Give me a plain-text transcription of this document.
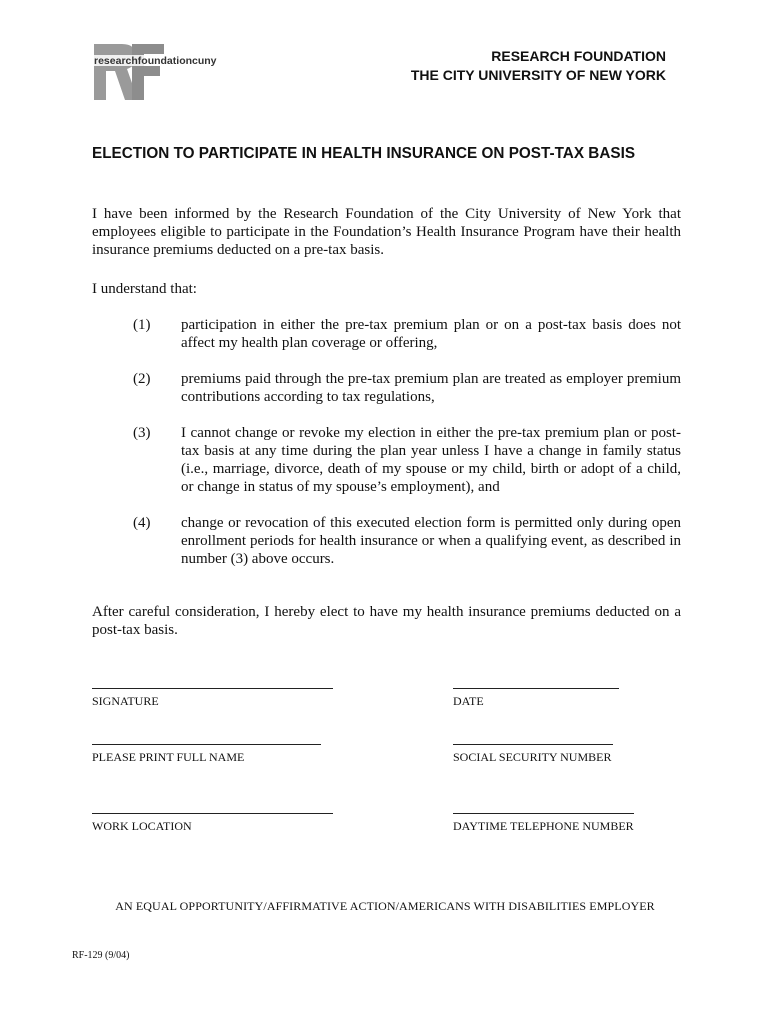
researchfoundationcuny	RESEARCH FOUNDATION
THE CITY UNIVERSITY OF NEW YORK
ELECTION TO PARTICIPATE IN HEALTH INSURANCE ON POST-TAX BASIS
I have been informed by the Research Foundation of the City University of New York that employees eligible to participate in the Foundation’s Health Insurance Program have their health insurance premiums deducted on a pre-tax basis.
I understand that:
(1)	participation in either the pre-tax premium plan or on a post-tax basis does not affect my health plan coverage or offering,
(2)	premiums paid through the pre-tax premium plan are treated as employer premium contributions according to tax regulations,
(3)	I cannot change or revoke my election in either the pre-tax premium plan or post-tax basis at any time during the plan year unless I have a change in family status (i.e., marriage, divorce, death of my spouse or my child, birth or adopt of a child, or change in status of my spouse’s employment), and
(4)	change or revocation of this executed election form is permitted only during open enrollment periods for health insurance or when a qualifying event, as described in number (3) above occurs.
After careful consideration, I hereby elect to have my health insurance premiums deducted on a post-tax basis.
SIGNATURE	DATE
PLEASE PRINT FULL NAME	SOCIAL SECURITY NUMBER
WORK LOCATION	DAYTIME TELEPHONE NUMBER
AN EQUAL OPPORTUNITY/AFFIRMATIVE ACTION/AMERICANS WITH DISABILITIES EMPLOYER
RF-129 (9/04)
